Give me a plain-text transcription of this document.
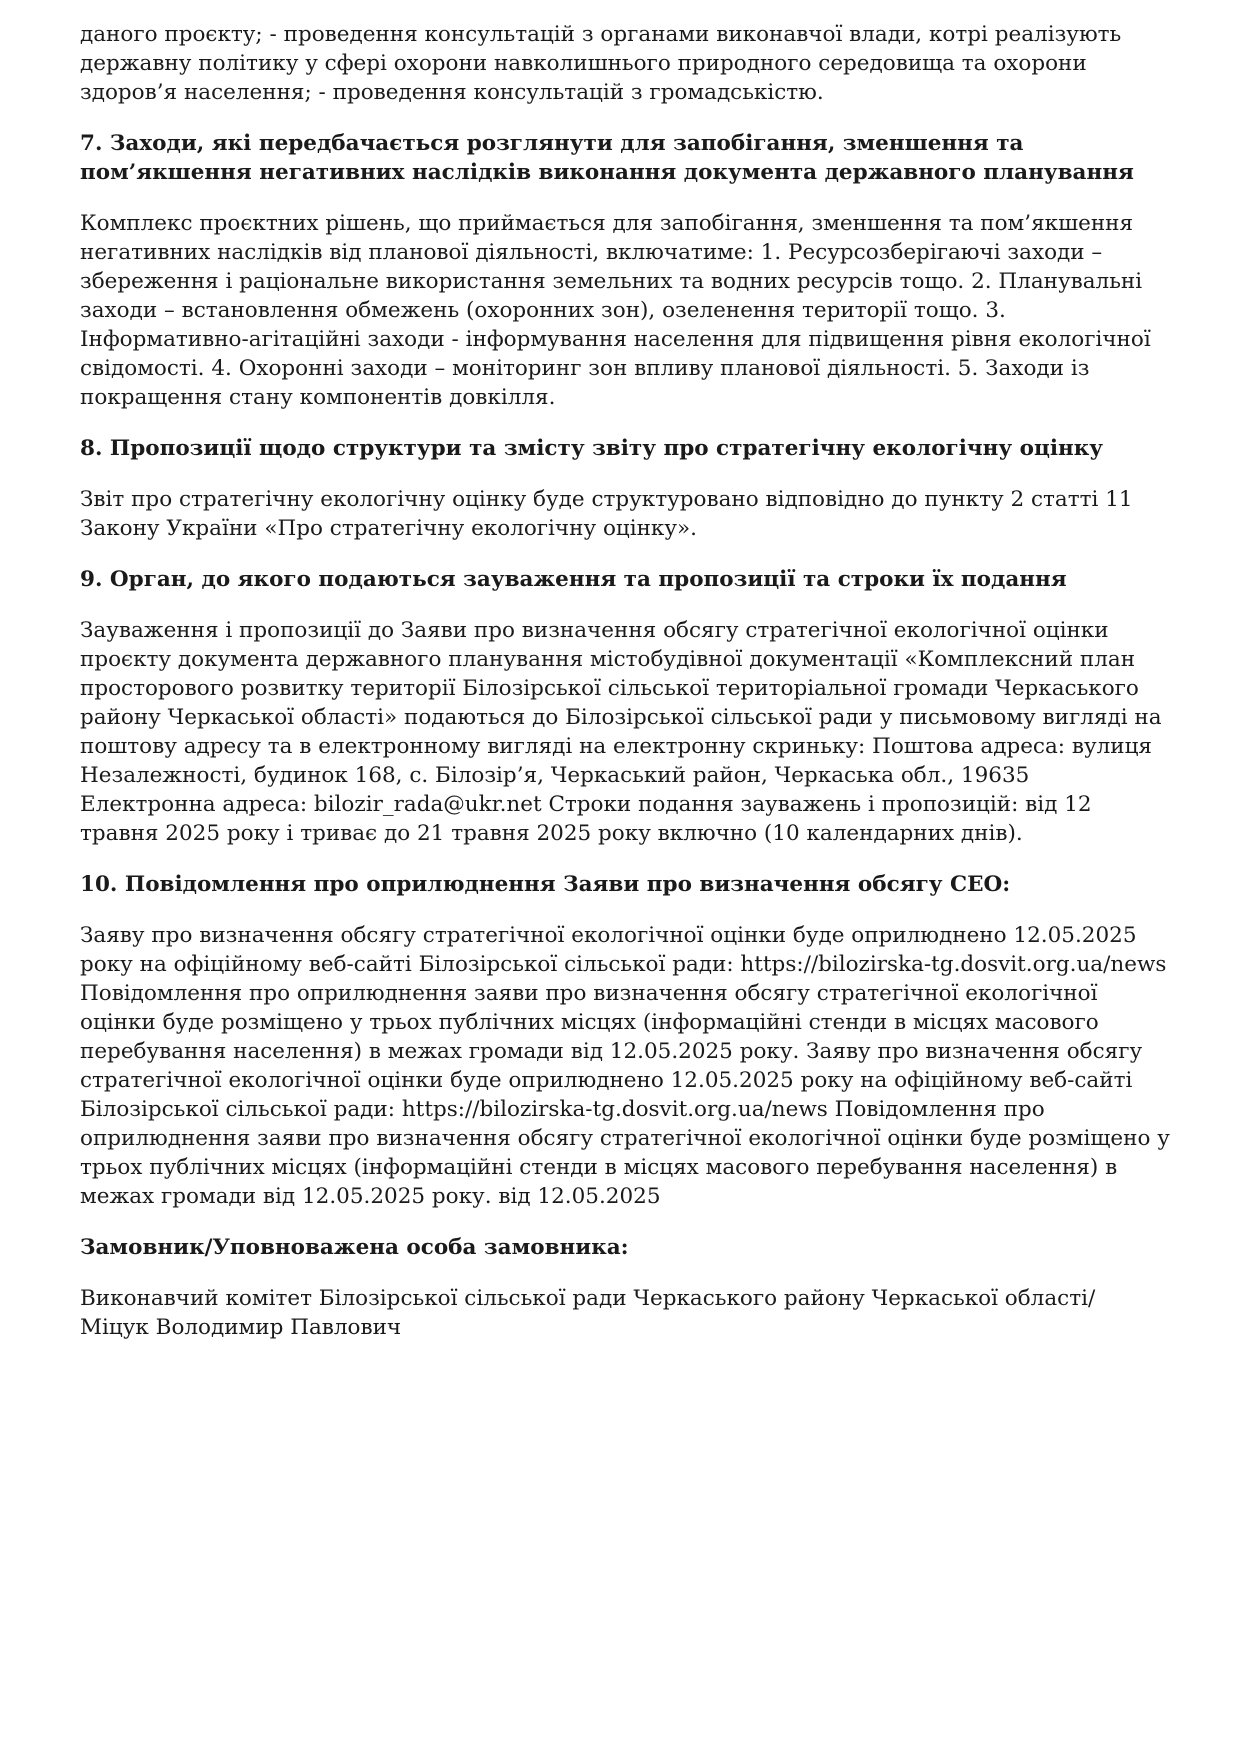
даного проєкту; - проведення консультацій з органами виконавчої влади, котрі реалізують державну політику у сфері охорони навколишнього природного середовища та охорони здоров’я населення; - проведення консультацій з громадськістю.

7. Заходи, які передбачається розглянути для запобігання, зменшення та пом’якшення негативних наслідків виконання документа державного планування

Комплекс проєктних рішень, що приймається для запобігання, зменшення та пом’якшення негативних наслідків від планової діяльності, включатиме: 1. Ресурсозберігаючі заходи – збереження і раціональне використання земельних та водних ресурсів тощо. 2. Планувальні заходи – встановлення обмежень (охоронних зон), озеленення території тощо. 3. Інформативно-агітаційні заходи - інформування населення для підвищення рівня екологічної свідомості. 4. Охоронні заходи – моніторинг зон впливу планової діяльності. 5. Заходи із покращення стану компонентів довкілля.

8. Пропозиції щодо структури та змісту звіту про стратегічну екологічну оцінку

Звіт про стратегічну екологічну оцінку буде структуровано відповідно до пункту 2 статті 11 Закону України «Про стратегічну екологічну оцінку».

9. Орган, до якого подаються зауваження та пропозиції та строки їх подання

Зауваження і пропозиції до Заяви про визначення обсягу стратегічної екологічної оцінки проєкту документа державного планування містобудівної документації «Комплексний план просторового розвитку території Білозірської сільської територіальної громади Черкаського району Черкаської області» подаються до Білозірської сільської ради у письмовому вигляді на поштову адресу та в електронному вигляді на електронну скриньку: Поштова адреса: вулиця Незалежності, будинок 168, с. Білозір’я, Черкаський район, Черкаська обл., 19635 Електронна адреса: bilozir_rada@ukr.net Строки подання зауважень і пропозицій: від 12 травня 2025 року і триває до 21 травня 2025 року включно (10 календарних днів).

10. Повідомлення про оприлюднення Заяви про визначення обсягу СЕО:

Заяву про визначення обсягу стратегічної екологічної оцінки буде оприлюднено 12.05.2025 року на офіційному веб-сайті Білозірської сільської ради: https://bilozirska-tg.dosvit.org.ua/news Повідомлення про оприлюднення заяви про визначення обсягу стратегічної екологічної оцінки буде розміщено у трьох публічних місцях (інформаційні стенди в місцях масового перебування населення) в межах громади від 12.05.2025 року. Заяву про визначення обсягу стратегічної екологічної оцінки буде оприлюднено 12.05.2025 року на офіційному веб-сайті Білозірської сільської ради: https://bilozirska-tg.dosvit.org.ua/news Повідомлення про оприлюднення заяви про визначення обсягу стратегічної екологічної оцінки буде розміщено у трьох публічних місцях (інформаційні стенди в місцях масового перебування населення) в межах громади від 12.05.2025 року. від 12.05.2025

Замовник/Уповноважена особа замовника:

Виконавчий комітет Білозірської сільської ради Черкаського району Черкаської області/ Міцук Володимир Павлович
